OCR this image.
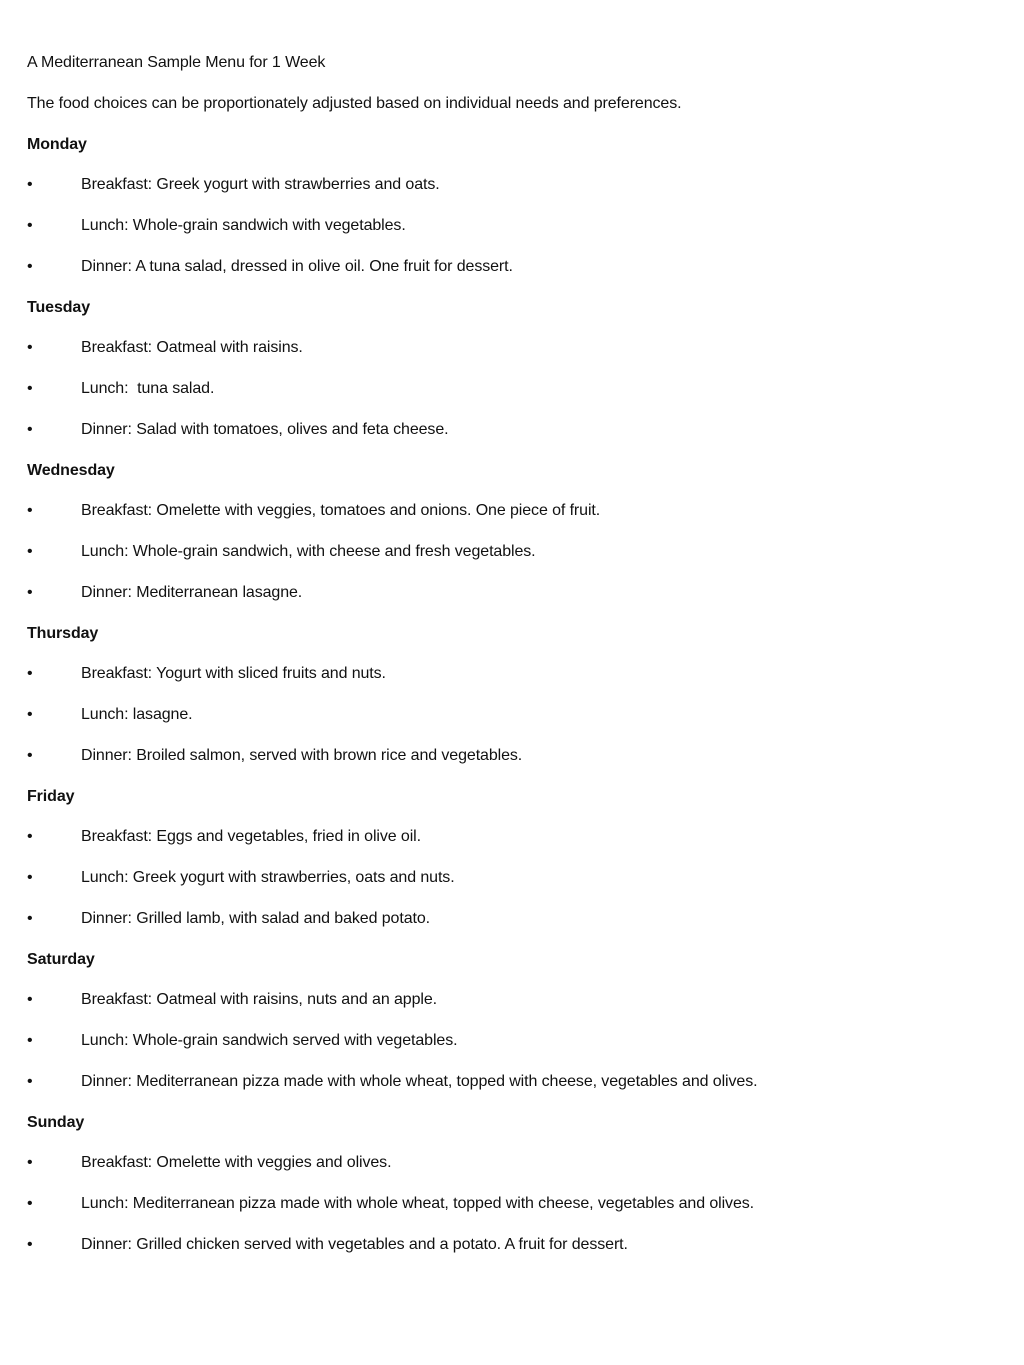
A Mediterranean Sample Menu for 1 Week
The food choices can be proportionately adjusted based on individual needs and preferences.
Monday
•	Breakfast: Greek yogurt with strawberries and oats.
•	Lunch: Whole-grain sandwich with vegetables.
•	Dinner: A tuna salad, dressed in olive oil. One fruit for dessert.
Tuesday
•	Breakfast: Oatmeal with raisins.
•	Lunch:  tuna salad.
•	Dinner: Salad with tomatoes, olives and feta cheese.
Wednesday
•	Breakfast: Omelette with veggies, tomatoes and onions. One piece of fruit.
•	Lunch: Whole-grain sandwich, with cheese and fresh vegetables.
•	Dinner: Mediterranean lasagne.
Thursday
•	Breakfast: Yogurt with sliced fruits and nuts.
•	Lunch: lasagne.
•	Dinner: Broiled salmon, served with brown rice and vegetables.
Friday
•	Breakfast: Eggs and vegetables, fried in olive oil.
•	Lunch: Greek yogurt with strawberries, oats and nuts.
•	Dinner: Grilled lamb, with salad and baked potato.
Saturday
•	Breakfast: Oatmeal with raisins, nuts and an apple.
•	Lunch: Whole-grain sandwich served with vegetables.
•	Dinner: Mediterranean pizza made with whole wheat, topped with cheese, vegetables and olives.
Sunday
•	Breakfast: Omelette with veggies and olives.
•	Lunch: Mediterranean pizza made with whole wheat, topped with cheese, vegetables and olives.
•	Dinner: Grilled chicken served with vegetables and a potato. A fruit for dessert.
